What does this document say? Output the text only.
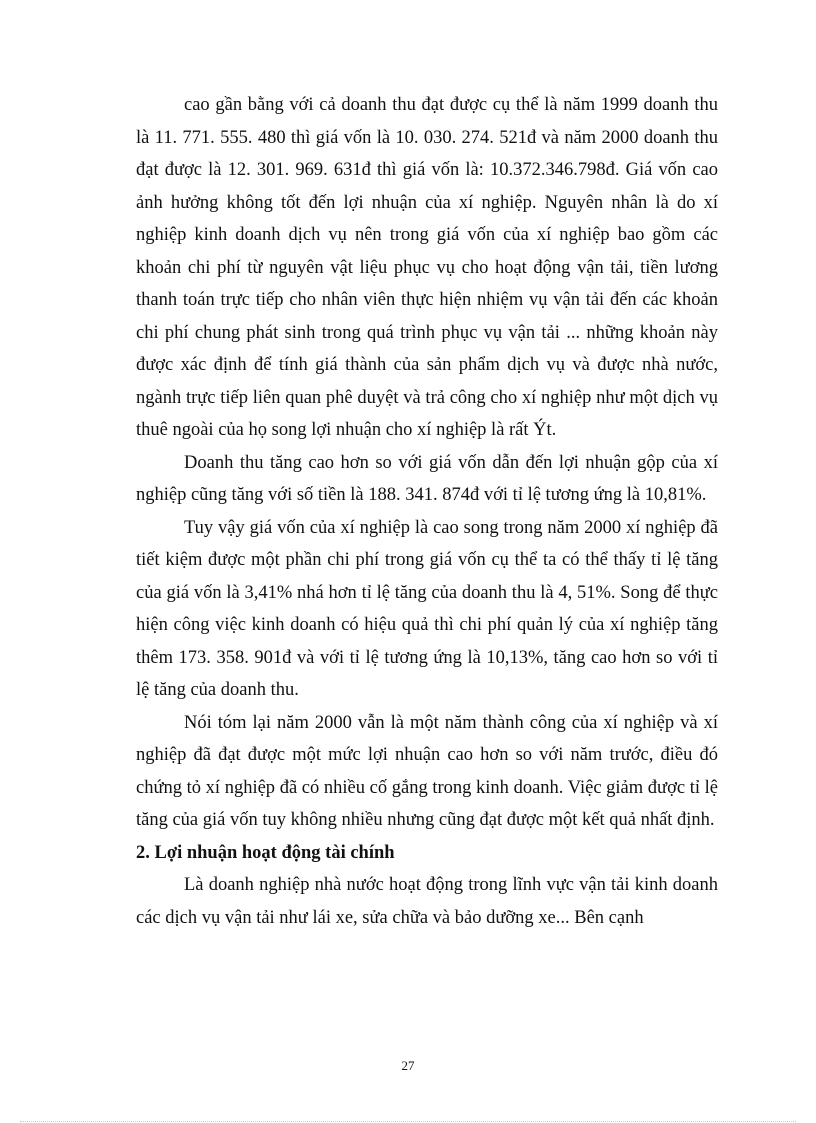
cao gần bằng với cả doanh thu đạt được cụ thể là năm 1999 doanh thu là 11. 771. 555. 480 thì giá vốn là 10. 030. 274. 521đ và năm 2000 doanh thu đạt được là 12. 301. 969. 631đ thì giá vốn là: 10.372.346.798đ. Giá vốn cao ảnh hưởng không tốt đến lợi nhuận của xí nghiệp. Nguyên nhân là do xí nghiệp kinh doanh dịch vụ nên trong giá vốn của xí nghiệp bao gồm các khoản chi phí từ nguyên vật liệu phục vụ cho hoạt động vận tải, tiền lương thanh toán trực tiếp cho nhân viên thực hiện nhiệm vụ vận tải đến các khoản chi phí chung phát sinh trong quá trình phục vụ vận tải ... những khoản này được xác định để tính giá thành của sản phẩm dịch vụ và được nhà nước, ngành trực tiếp liên quan phê duyệt và trả công cho xí nghiệp như một dịch vụ thuê ngoài của họ song lợi nhuận cho xí nghiệp là rất Ýt.

Doanh thu tăng cao hơn so với giá vốn dẫn đến lợi nhuận gộp của xí nghiệp cũng tăng với số tiền là 188. 341. 874đ với tỉ lệ tương ứng là 10,81%.

Tuy vậy giá vốn của xí nghiệp là cao song trong năm 2000 xí nghiệp đã tiết kiệm được một phần chi phí trong giá vốn cụ thể ta có thể thấy tỉ lệ tăng của giá vốn là 3,41% nhá hơn tỉ lệ tăng của doanh thu là 4, 51%. Song để thực hiện công việc kinh doanh có hiệu quả thì chi phí quản lý của xí nghiệp tăng thêm 173. 358. 901đ và với tỉ lệ tương ứng là 10,13%, tăng cao hơn so với tỉ lệ tăng của doanh thu.

Nói tóm lại năm 2000 vẫn là một năm thành công của xí nghiệp và xí nghiệp đã đạt được một mức lợi nhuận cao hơn so với năm trước, điều đó chứng tỏ xí nghiệp đã có nhiều cố gắng trong kinh doanh. Việc giảm được tỉ lệ tăng của giá vốn tuy không nhiều nhưng cũng đạt được một kết quả nhất định.

2. Lợi nhuận hoạt động tài chính

Là doanh nghiệp nhà nước hoạt động trong lĩnh vực vận tải kinh doanh các dịch vụ vận tải như lái xe, sửa chữa và bảo dưỡng xe... Bên cạnh

27
